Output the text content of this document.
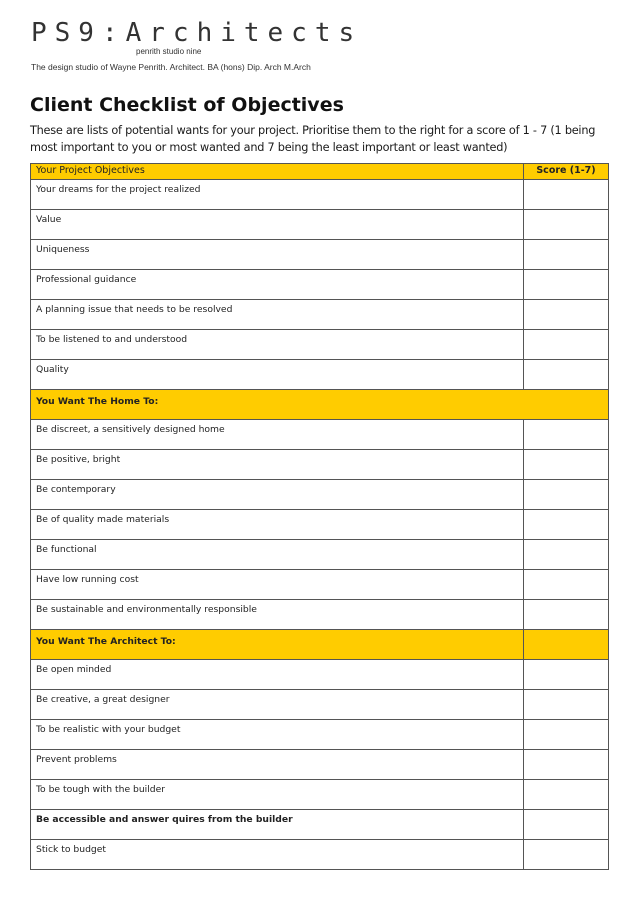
PS9:Architects
penrith studio nine
The design studio of Wayne Penrith. Architect. BA (hons) Dip. Arch M.Arch
Client Checklist of Objectives

These are lists of potential wants for your project. Prioritise them to the right for a score of 1 - 7 (1 being most important to you or most wanted and 7 being the least important or least wanted)

Your Project Objectives	Score (1-7)
Your dreams for the project realized	
Value	
Uniqueness	
Professional guidance	
A planning issue that needs to be resolved	
To be listened to and understood	
Quality	
You Want The Home To:	
Be discreet, a sensitively designed home	
Be positive, bright	
Be contemporary	
Be of quality made materials	
Be functional	
Have low running cost	
Be sustainable and environmentally responsible	
You Want The Architect To:	
Be open minded	
Be creative, a great designer	
To be realistic with your budget	
Prevent problems	
To be tough with the builder	
Be accessible and answer quires from the builder	
Stick to budget	
